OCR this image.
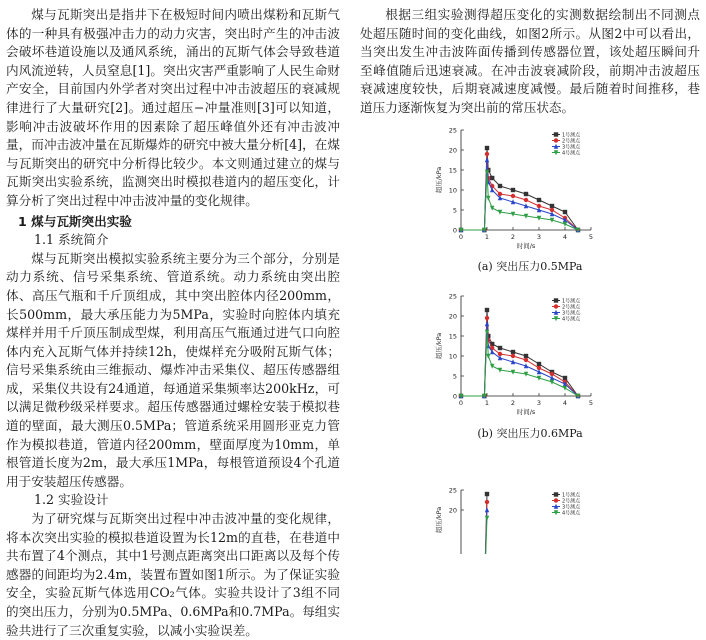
煤与瓦斯突出是指井下在极短时间内喷出煤粉和瓦斯气体的一种具有极强冲击力的动力灾害，突出时产生的冲击波会破坏巷道设施以及通风系统，涌出的瓦斯气体会导致巷道内风流逆转，人员窒息[1]。突出灾害严重影响了人民生命财产安全，目前国内外学者对突出过程中冲击波超压的衰减规律进行了大量研究[2]。通过超压−冲量准则[3]可以知道，影响冲击波破坏作用的因素除了超压峰值外还有冲击波冲量，而冲击波冲量在瓦斯爆炸的研究中被大量分析[4]，在煤与瓦斯突出的研究中分析得比较少。本文则通过建立的煤与瓦斯突出实验系统，监测突出时模拟巷道内的超压变化，计算分析了突出过程中冲击波冲量的变化规律。

1 煤与瓦斯突出实验
1.1 系统简介

煤与瓦斯突出模拟实验系统主要分为三个部分，分别是动力系统、信号采集系统、管道系统。动力系统由突出腔体、高压气瓶和千斤顶组成，其中突出腔体内径200mm，长500mm，最大承压能力为5MPa，实验时向腔体内填充煤样并用千斤顶压制成型煤，利用高压气瓶通过进气口向腔体内充入瓦斯气体并持续12h，使煤样充分吸附瓦斯气体；信号采集系统由三维振动、爆炸冲击采集仪、超压传感器组成，采集仪共设有24通道，每通道采集频率达200kHz，可以满足微秒级采样要求。超压传感器通过螺栓安装于模拟巷道的壁面，最大测压0.5MPa；管道系统采用圆形亚克力管作为模拟巷道，管道内径200mm，壁面厚度为10mm，单根管道长度为2m，最大承压1MPa，每根管道预设4个孔道用于安装超压传感器。

1.2 实验设计

为了研究煤与瓦斯突出过程中冲击波冲量的变化规律，将本次突出实验的模拟巷道设置为长12m的直巷，在巷道中共布置了4个测点，其中1号测点距离突出口距离以及每个传感器的间距均为2.4m，装置布置如图1所示。为了保证实验安全，实验瓦斯气体选用CO₂气体。实验共设计了3组不同的突出压力，分别为0.5MPa、0.6MPa和0.7MPa。每组实验共进行了三次重复实验，以减小实验误差。

根据三组实验测得超压变化的实测数据绘制出不同测点处超压随时间的变化曲线，如图2所示。从图2中可以看出，当突出发生冲击波阵面传播到传感器位置，该处超压瞬间升至峰值随后迅速衰减。在冲击波衰减阶段，前期冲击波超压衰减速度较快，后期衰减速度减慢。最后随着时间推移，巷道压力逐渐恢复为突出前的常压状态。

0
5
10
15
20
25
0	1	2	3	4	5
时间/s
超压/kPa
1号测点
2号测点
3号测点
4号测点
(a) 突出压力0.5MPa
0
5
10
15
20
25
0	1	2	3	4	5
时间/s
超压/kPa
1号测点
2号测点
3号测点
4号测点
(b) 突出压力0.6MPa
20
25
超压/kPa
1号测点
2号测点
3号测点
4号测点
